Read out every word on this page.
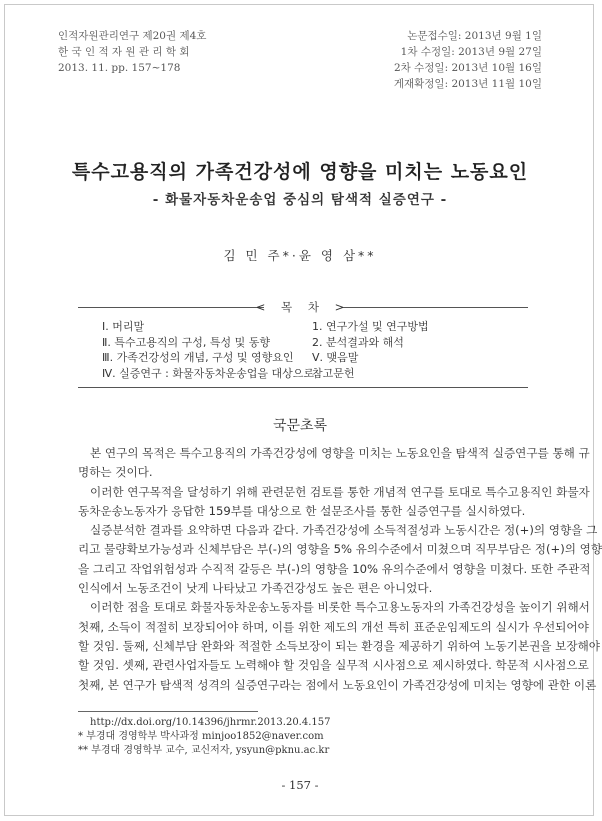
인적자원관리연구 제20권 제4호
한 국 인 적 자 원 관 리 학 회
2013. 11. pp. 157∼178
논문접수일: 2013년 9월 1일
1차 수정일: 2013년 9월 27일
2차 수정일: 2013년 10월 16일
게재확정일: 2013년 11월 10일
특수고용직의 가족건강성에 영향을 미치는 노동요인
- 화물자동차운송업 중심의 탐색적 실증연구 -
김 민 주*·윤 영 삼**
< 목 차 >
Ⅰ. 머리말
Ⅱ. 특수고용직의 구성, 특성 및 동향
Ⅲ. 가족건강성의 개념, 구성 및 영향요인
Ⅳ. 실증연구 : 화물자동차운송업을 대상으로
1. 연구가설 및 연구방법
2. 분석결과와 해석
Ⅴ. 맺음말
참고문헌
국문초록
본 연구의 목적은 특수고용직의 가족건강성에 영향을 미치는 노동요인을 탐색적 실증연구를 통해 규
명하는 것이다.
이러한 연구목적을 달성하기 위해 관련문헌 검토를 통한 개념적 연구를 토대로 특수고용직인 화물자
동차운송노동자가 응답한 159부를 대상으로 한 설문조사를 통한 실증연구를 실시하였다.
실증분석한 결과를 요약하면 다음과 같다. 가족건강성에 소득적절성과 노동시간은 정(+)의 영향을 그
리고 물량확보가능성과 신체부담은 부(-)의 영향을 5% 유의수준에서 미쳤으며 직무부담은 정(+)의 영향
을 그리고 작업위험성과 수직적 갈등은 부(-)의 영향을 10% 유의수준에서 영향을 미쳤다. 또한 주관적
인식에서 노동조건이 낫게 나타났고 가족건강성도 높은 편은 아니었다.
이러한 점을 토대로 화물자동차운송노동자를 비롯한 특수고용노동자의 가족건강성을 높이기 위해서
첫째, 소득이 적절히 보장되어야 하며, 이를 위한 제도의 개선 특히 표준운임제도의 실시가 우선되어야
할 것임. 둘째, 신체부담 완화와 적절한 소득보장이 되는 환경을 제공하기 위하여 노동기본권을 보장해야
할 것임. 셋째, 관련사업자들도 노력해야 할 것임을 실무적 시사점으로 제시하였다. 학문적 시사점으로
첫째, 본 연구가 탐색적 성격의 실증연구라는 점에서 노동요인이 가족건강성에 미치는 영향에 관한 이론
http://dx.doi.org/10.14396/jhrmr.2013.20.4.157
* 부경대 경영학부 박사과정 minjoo1852@naver.com
** 부경대 경영학부 교수, 교신저자, ysyun@pknu.ac.kr
- 157 -
